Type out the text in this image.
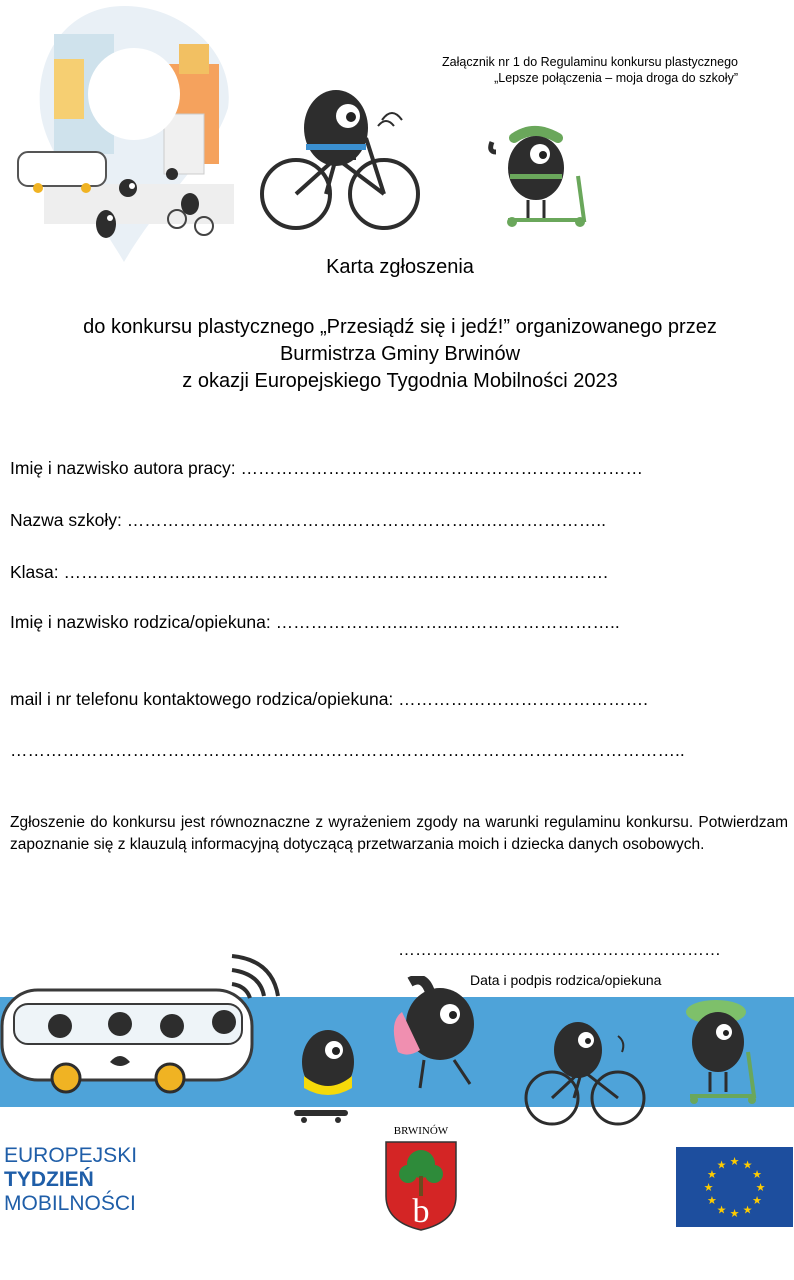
Załącznik nr 1 do Regulaminu konkursu plastycznego
„Lepsze połączenia – moja droga do szkoły”
Karta zgłoszenia
do konkursu plastycznego „Przesiądź się i jedź!” organizowanego przez
Burmistrza Gminy Brwinów
z okazji Europejskiego Tygodnia Mobilności 2023
Imię i nazwisko autora pracy: ……………………………………………………………
Nazwa szkoły: ………………………………..…………………….………………..
Klasa: …………………..………………………………….………………………….
Imię i nazwisko rodzica/opiekuna: …………………..……..………………………..
mail i nr telefonu kontaktowego rodzica/opiekuna: …………………………………….
……………………………………………………………………………………………………..
Zgłoszenie do konkursu jest równoznaczne z wyrażeniem zgody na warunki regulaminu konkursu. Potwierdzam zapoznanie się z klauzulą informacyjną dotyczącą przetwarzania moich i dziecka danych osobowych.
…………………………………………………
Data i podpis rodzica/opiekuna
EUROPEJSKI
TYDZIEŃ
MOBILNOŚCI
BRWINÓW
b
★ ★
★
★
★
★
★
★
★
★
★
★
